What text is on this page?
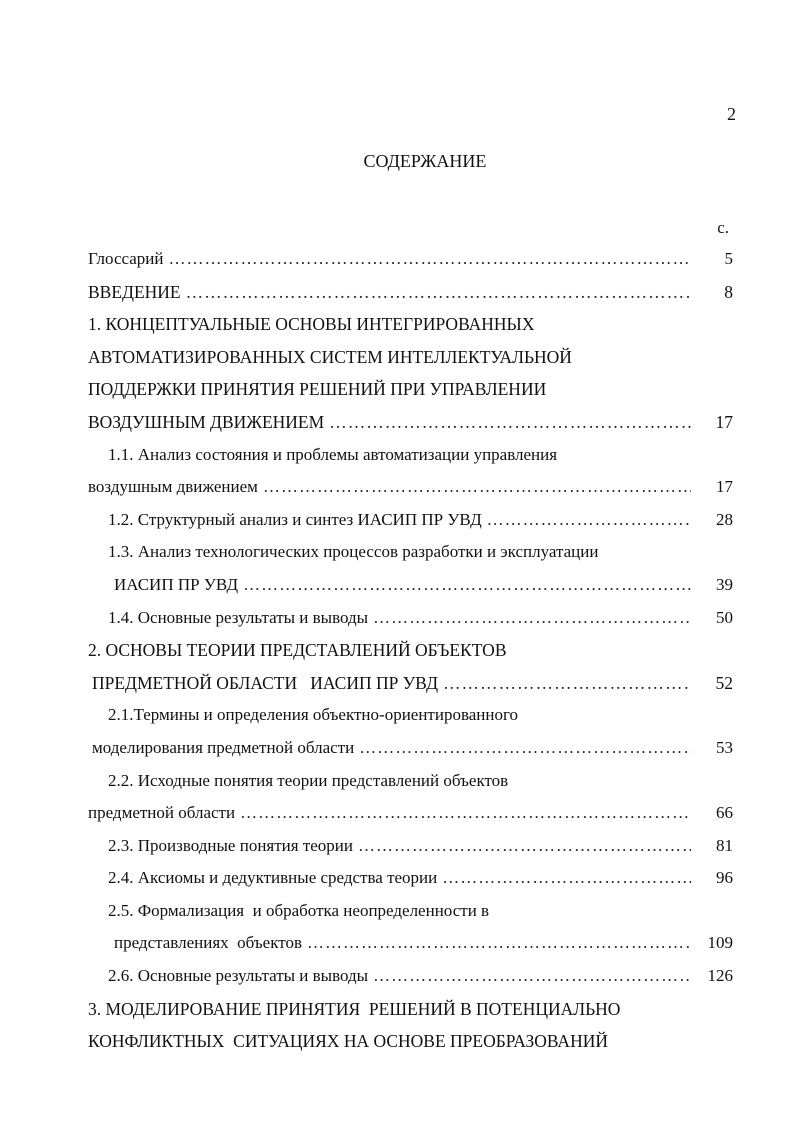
2
СОДЕРЖАНИЕ
с.
Глоссарий ……………………………………………………………………………………………………………………………………………………………………………………………	5
ВВЕДЕНИЕ ……………………………………………………………………………………………………………………………………………………………………………………………	8
1. КОНЦЕПТУАЛЬНЫЕ ОСНОВЫ ИНТЕГРИРОВАННЫХ
АВТОМАТИЗИРОВАННЫХ СИСТЕМ ИНТЕЛЛЕКТУАЛЬНОЙ
ПОДДЕРЖКИ ПРИНЯТИЯ РЕШЕНИЙ ПРИ УПРАВЛЕНИИ
ВОЗДУШНЫМ ДВИЖЕНИЕМ ……………………………………………………………………………………………………………………………………………………………………………………………	17
1.1. Анализ состояния и проблемы автоматизации управления
воздушным движением ……………………………………………………………………………………………………………………………………………………………………………………………	17
1.2. Структурный анализ и синтез ИАСИП ПР УВД ……………………………………………………………………………………………………………………………………………………………………………………………	28
1.3. Анализ технологических процессов разработки и эксплуатации
ИАСИП ПР УВД ……………………………………………………………………………………………………………………………………………………………………………………………	39
1.4. Основные результаты и выводы ……………………………………………………………………………………………………………………………………………………………………………………………	50
2. ОСНОВЫ ТЕОРИИ ПРЕДСТАВЛЕНИЙ ОБЪЕКТОВ
ПРЕДМЕТНОЙ ОБЛАСТИ   ИАСИП ПР УВД ……………………………………………………………………………………………………………………………………………………………………………………………	52
2.1.Термины и определения объектно-ориентированного
моделирования предметной области ……………………………………………………………………………………………………………………………………………………………………………………………	53
2.2. Исходные понятия теории представлений объектов
предметной области ……………………………………………………………………………………………………………………………………………………………………………………………	66
2.3. Производные понятия теории ……………………………………………………………………………………………………………………………………………………………………………………………	81
2.4. Аксиомы и дедуктивные средства теории ……………………………………………………………………………………………………………………………………………………………………………………………	96
2.5. Формализация  и обработка неопределенности в
представлениях  объектов ……………………………………………………………………………………………………………………………………………………………………………………………	109
2.6. Основные результаты и выводы ……………………………………………………………………………………………………………………………………………………………………………………………	126
3. МОДЕЛИРОВАНИЕ ПРИНЯТИЯ  РЕШЕНИЙ В ПОТЕНЦИАЛЬНО
КОНФЛИКТНЫХ  СИТУАЦИЯХ НА ОСНОВЕ ПРЕОБРАЗОВАНИЙ
